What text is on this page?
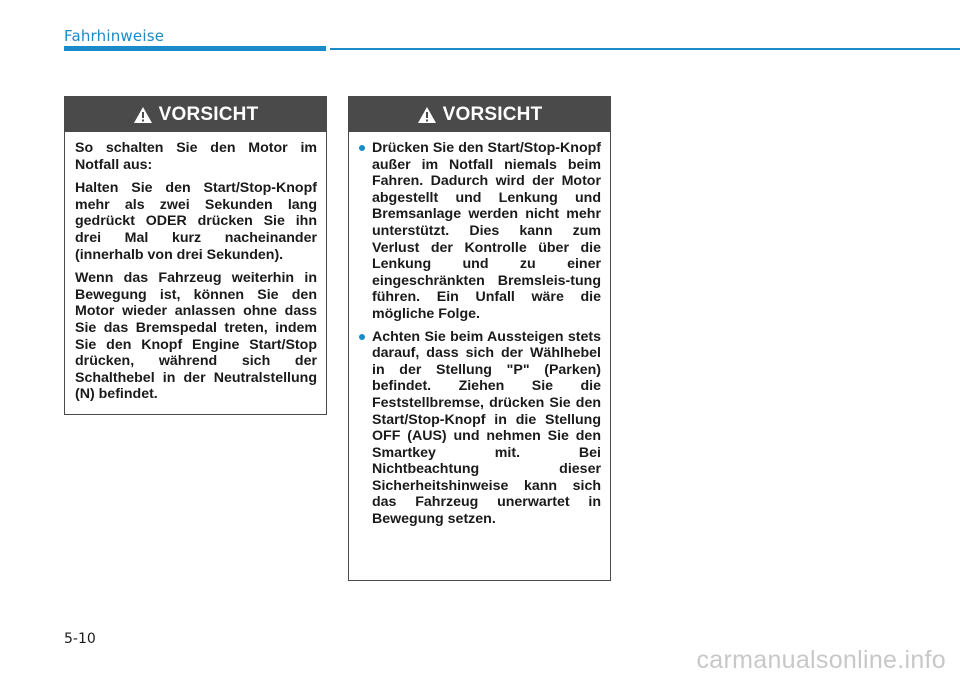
Fahrhinweise
VORSICHT

So schalten Sie den Motor im Notfall aus:

Halten Sie den Start/Stop-Knopf mehr als zwei Sekunden lang gedrückt ODER drücken Sie ihn drei Mal kurz nacheinander (innerhalb von drei Sekunden).

Wenn das Fahrzeug weiterhin in Bewegung ist, können Sie den Motor wieder anlassen ohne dass Sie das Bremspedal treten, indem Sie den Knopf Engine Start/Stop drücken, während sich der Schalthebel in der Neutralstellung (N) befindet.

VORSICHT
Drücken Sie den Start/Stop-Knopf außer im Notfall niemals beim Fahren. Dadurch wird der Motor abgestellt und Lenkung und Bremsanlage werden nicht mehr unterstützt. Dies kann zum Verlust der Kontrolle über die Lenkung und zu einer eingeschränkten Bremsleis-tung führen. Ein Unfall wäre die mögliche Folge.
Achten Sie beim Aussteigen stets darauf, dass sich der Wählhebel in der Stellung "P" (Parken) befindet. Ziehen Sie die Feststellbremse, drücken Sie den Start/Stop-Knopf in die Stellung OFF (AUS) und nehmen Sie den Smartkey mit. Bei Nichtbeachtung dieser Sicherheitshinweise kann sich das Fahrzeug unerwartet in Bewegung setzen.
5-10
carmanualsonline.info
